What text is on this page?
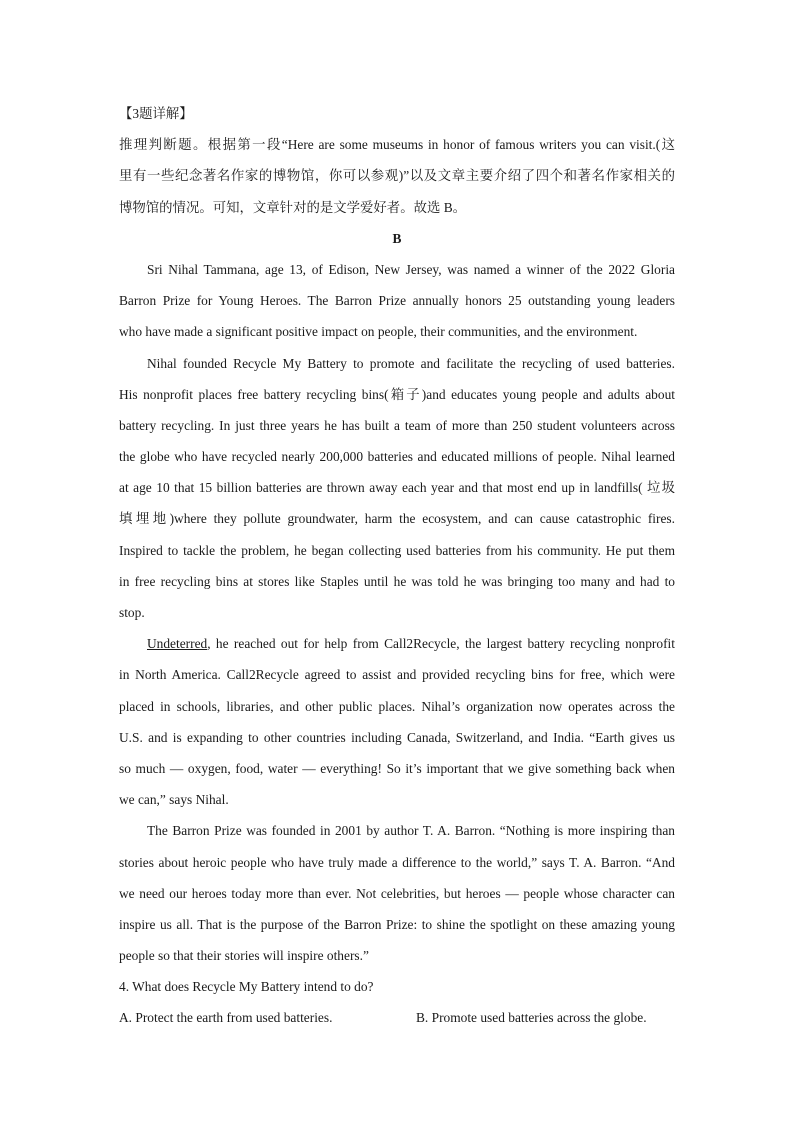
【3题详解】
推理判断题。根据第一段“Here are some museums in honor of famous writers you can visit.(这
里有一些纪念著名作家的博物馆，你可以参观)”以及文章主要介绍了四个和著名作家相关的
博物馆的情况。可知，文章针对的是文学爱好者。故选 B。
B
Sri Nihal Tammana, age 13, of Edison, New Jersey, was named a winner of the 2022 Gloria
Barron Prize for Young Heroes. The Barron Prize annually honors 25 outstanding young leaders
who have made a significant positive impact on people, their communities, and the environment.
Nihal founded Recycle My Battery to promote and facilitate the recycling of used batteries.
His nonprofit places free battery recycling bins(箱子)and educates young people and adults about
battery recycling. In just three years he has built a team of more than 250 student volunteers across
the globe who have recycled nearly 200,000 batteries and educated millions of people. Nihal learned
at age 10 that 15 billion batteries are thrown away each year and that most end up in landfills( 垃圾
填埋地)where they pollute groundwater, harm the ecosystem, and can cause catastrophic fires.
Inspired to tackle the problem, he began collecting used batteries from his community. He put them
in free recycling bins at stores like Staples until he was told he was bringing too many and had to
stop.
Undeterred, he reached out for help from Call2Recycle, the largest battery recycling nonprofit
in North America. Call2Recycle agreed to assist and provided recycling bins for free, which were
placed in schools, libraries, and other public places. Nihal’s organization now operates across the
U.S. and is expanding to other countries including Canada, Switzerland, and India. “Earth gives us
so much — oxygen, food, water — everything! So it’s important that we give something back when
we can,” says Nihal.
The Barron Prize was founded in 2001 by author T. A. Barron. “Nothing is more inspiring than
stories about heroic people who have truly made a difference to the world,” says T. A. Barron. “And
we need our heroes today more than ever. Not celebrities, but heroes — people whose character can
inspire us all. That is the purpose of the Barron Prize: to shine the spotlight on these amazing young
people so that their stories will inspire others.”
4. What does Recycle My Battery intend to do?
A. Protect the earth from used batteries.	B. Promote used batteries across the globe.
